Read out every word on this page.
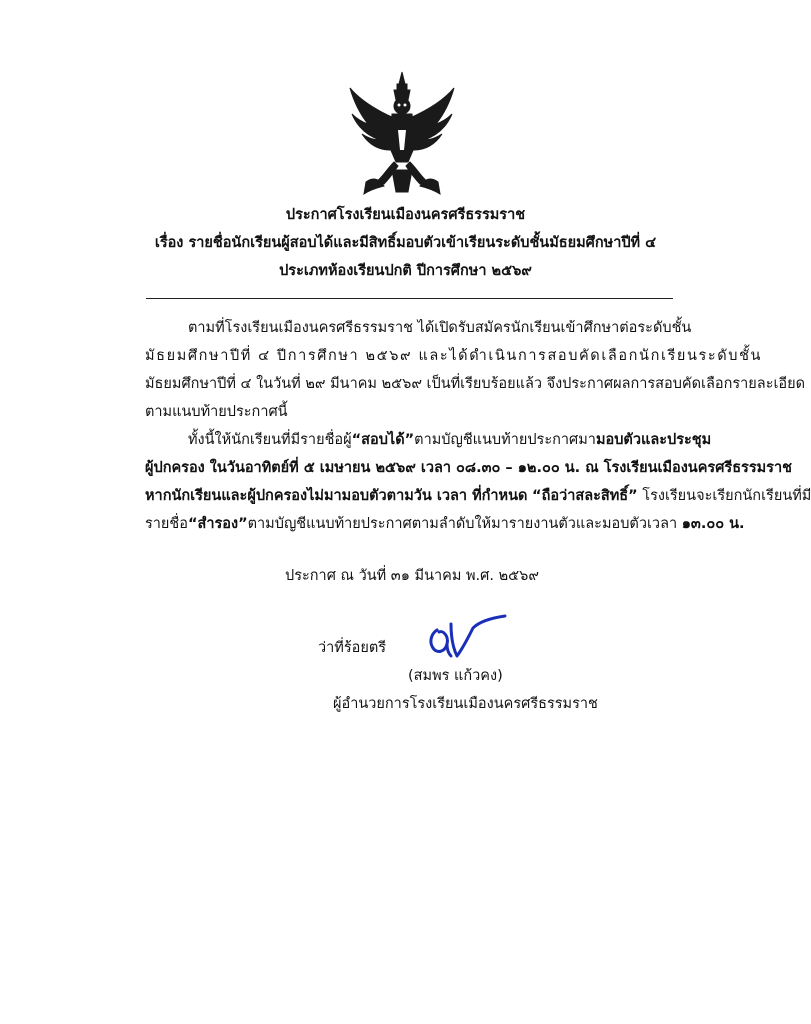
ประกาศโรงเรียนเมืองนครศรีธรรมราช
เรื่อง รายชื่อนักเรียนผู้สอบได้และมีสิทธิ์มอบตัวเข้าเรียนระดับชั้นมัธยมศึกษาปีที่ ๔
ประเภทห้องเรียนปกติ ปีการศึกษา ๒๕๖๙
ตามที่โรงเรียนเมืองนครศรีธรรมราช ได้เปิดรับสมัครนักเรียนเข้าศึกษาต่อระดับชั้น
มัธยมศึกษาปีที่ ๔ ปีการศึกษา ๒๕๖๙ และได้ดำเนินการสอบคัดเลือกนักเรียนระดับชั้น
มัธยมศึกษาปีที่ ๔ ในวันที่ ๒๙ มีนาคม ๒๕๖๙ เป็นที่เรียบร้อยแล้ว จึงประกาศผลการสอบคัดเลือกรายละเอียด
ตามแนบท้ายประกาศนี้
ทั้งนี้ให้นักเรียนที่มีรายชื่อผู้“สอบได้”ตามบัญชีแนบท้ายประกาศมามอบตัวและประชุม
ผู้ปกครอง ในวันอาทิตย์ที่ ๕ เมษายน ๒๕๖๙ เวลา ๐๘.๓๐ – ๑๒.๐๐ น. ณ โรงเรียนเมืองนครศรีธรรมราช
หากนักเรียนและผู้ปกครองไม่มามอบตัวตามวัน เวลา ที่กำหนด “ถือว่าสละสิทธิ์” โรงเรียนจะเรียกนักเรียนที่มี
รายชื่อ“สำรอง”ตามบัญชีแนบท้ายประกาศตามลำดับให้มารายงานตัวและมอบตัวเวลา ๑๓.๐๐ น.
ประกาศ ณ วันที่ ๓๑ มีนาคม พ.ศ. ๒๕๖๙
ว่าที่ร้อยตรี
(สมพร แก้วคง)
ผู้อำนวยการโรงเรียนเมืองนครศรีธรรมราช
